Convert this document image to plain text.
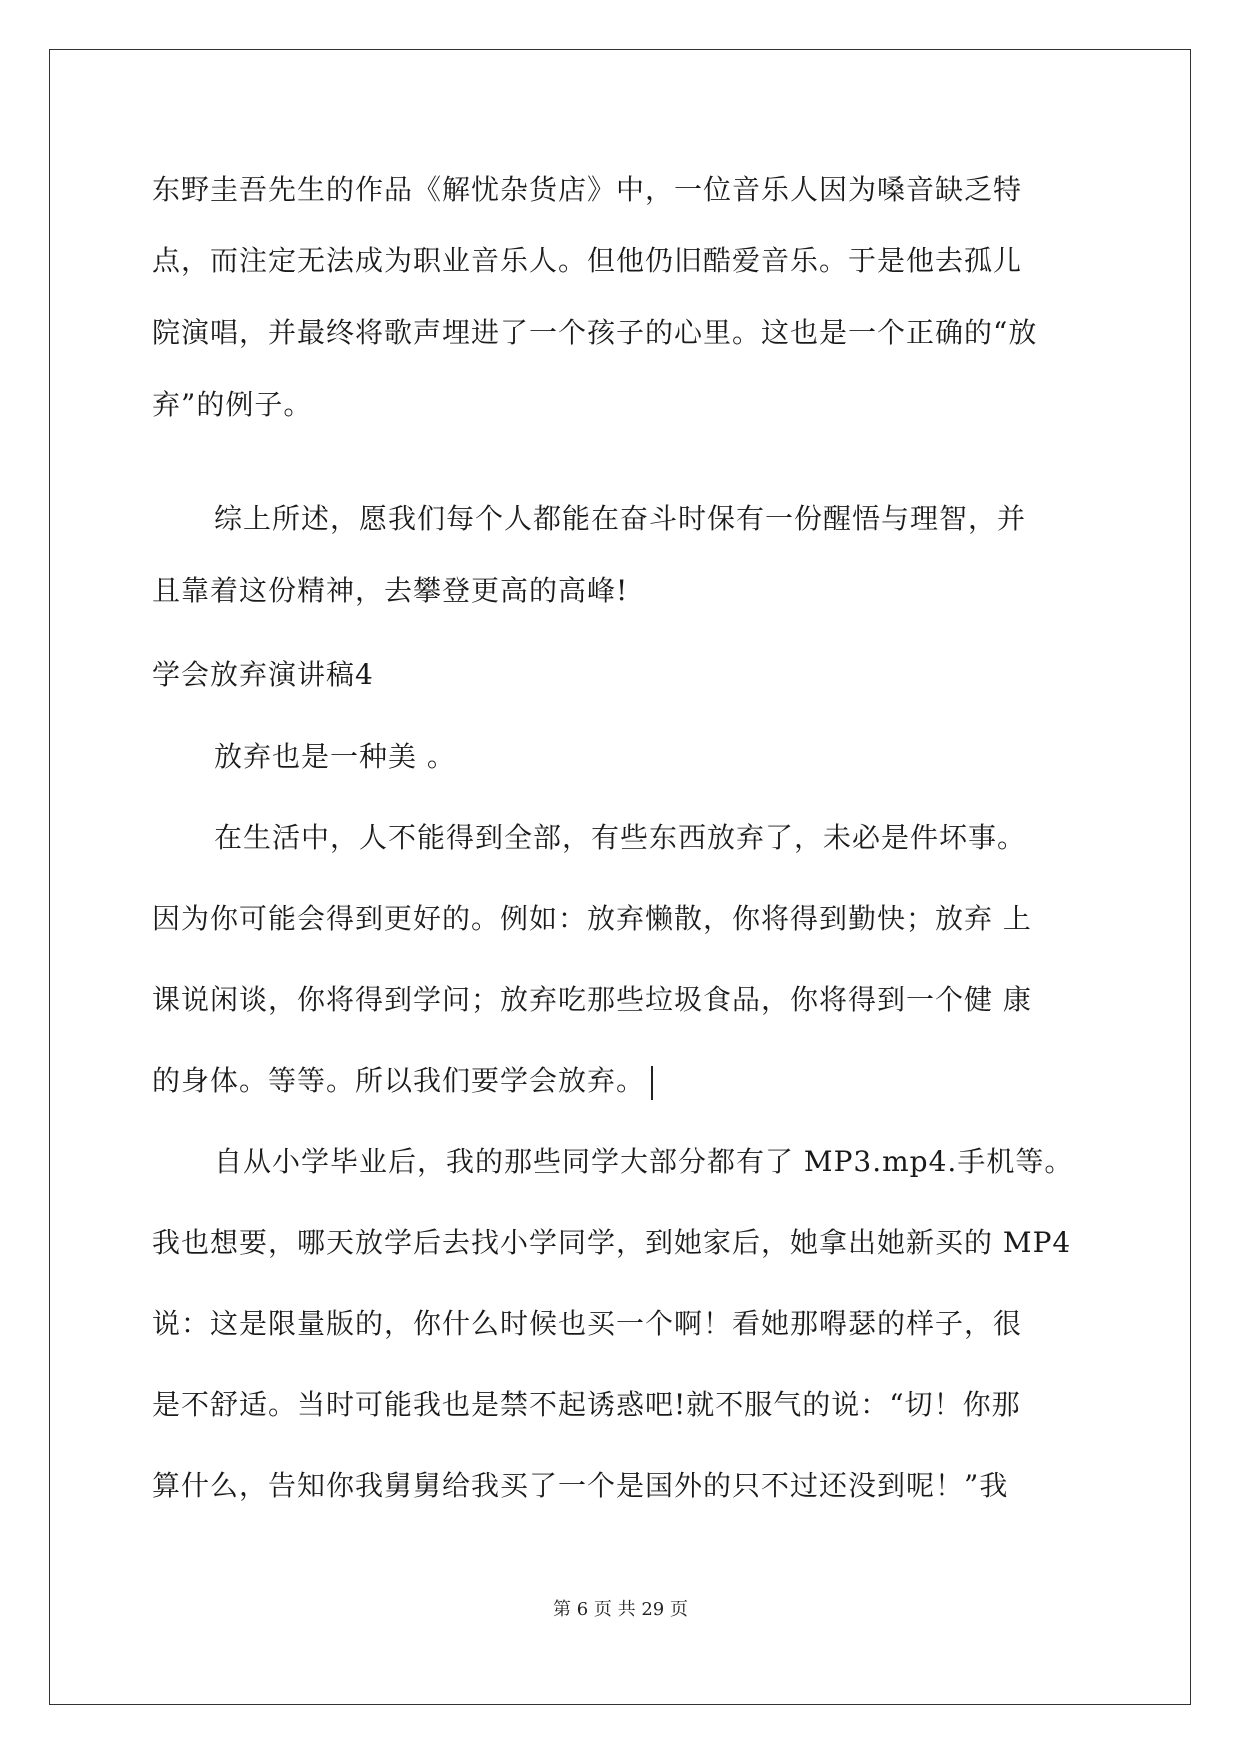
东野圭吾先生的作品《解忧杂货店》中，一位音乐人因为嗓音缺乏特
点，而注定无法成为职业音乐人。但他仍旧酷爱音乐。于是他去孤儿
院演唱，并最终将歌声埋进了一个孩子的心里。这也是一个正确的“放
弃”的例子。
综上所述，愿我们每个人都能在奋斗时保有一份醒悟与理智，并
且靠着这份精神，去攀登更高的高峰!
学会放弃演讲稿4
放弃也是一种美 。
在生活中，人不能得到全部，有些东西放弃了，未必是件坏事。
因为你可能会得到更好的。例如：放弃懒散，你将得到勤快；放弃 上
课说闲谈，你将得到学问；放弃吃那些垃圾食品，你将得到一个健 康
的身体。等等。所以我们要学会放弃。
自从小学毕业后，我的那些同学大部分都有了 MP3.mp4.手机等。
我也想要，哪天放学后去找小学同学，到她家后，她拿出她新买的 MP4
说：这是限量版的，你什么时候也买一个啊！看她那嘚瑟的样子，很
是不舒适。当时可能我也是禁不起诱惑吧!就不服气的说：“切！你那
算什么，告知你我舅舅给我买了一个是国外的只不过还没到呢！”我
第 6 页 共 29 页
